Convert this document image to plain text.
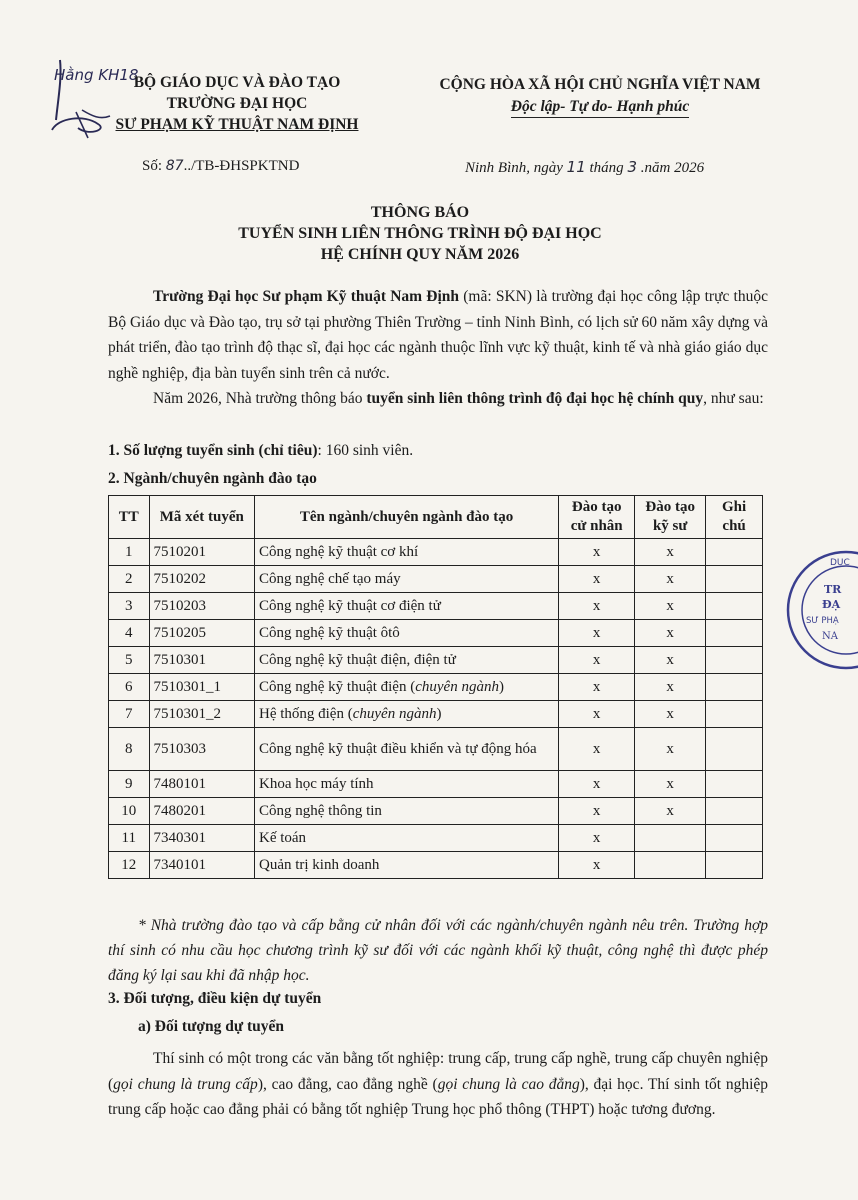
Hằng KH18
BỘ GIÁO DỤC VÀ ĐÀO TẠO
TRƯỜNG ĐẠI HỌC
SƯ PHẠM KỸ THUẬT NAM ĐỊNH
CỘNG HÒA XÃ HỘI CHỦ NGHĨA VIỆT NAM
Độc lập- Tự do- Hạnh phúc
Số: 87../TB-ĐHSPKTND	Ninh Bình, ngày 11 tháng 3 .năm 2026
THÔNG BÁO
TUYỂN SINH LIÊN THÔNG TRÌNH ĐỘ ĐẠI HỌC
HỆ CHÍNH QUY NĂM 2026

Trường Đại học Sư phạm Kỹ thuật Nam Định (mã: SKN) là trường đại học công lập trực thuộc Bộ Giáo dục và Đào tạo, trụ sở tại phường Thiên Trường – tỉnh Ninh Bình, có lịch sử 60 năm xây dựng và phát triển, đào tạo trình độ thạc sĩ, đại học các ngành thuộc lĩnh vực kỹ thuật, kinh tế và nhà giáo giáo dục nghề nghiệp, địa bàn tuyển sinh trên cả nước.

Năm 2026, Nhà trường thông báo tuyển sinh liên thông trình độ đại học hệ chính quy, như sau:

1. Số lượng tuyển sinh (chỉ tiêu): 160 sinh viên.
2. Ngành/chuyên ngành đào tạo
TT	Mã xét tuyển	Tên ngành/chuyên ngành đào tạo	Đào tạo cử nhân	Đào tạo kỹ sư	Ghi chú
1	7510201	Công nghệ kỹ thuật cơ khí	x	x	
2	7510202	Công nghệ chế tạo máy	x	x	
3	7510203	Công nghệ kỹ thuật cơ điện tử	x	x	
4	7510205	Công nghệ kỹ thuật ôtô	x	x	
5	7510301	Công nghệ kỹ thuật điện, điện tử	x	x	
6	7510301_1	Công nghệ kỹ thuật điện (chuyên ngành)	x	x	
7	7510301_2	Hệ thống điện (chuyên ngành)	x	x	
8	7510303	Công nghệ kỹ thuật điều khiển và tự động hóa	x	x	
9	7480101	Khoa học máy tính	x	x	
10	7480201	Công nghệ thông tin	x	x	
11	7340301	Kế toán	x		
12	7340101	Quản trị kinh doanh	x		

* Nhà trường đào tạo và cấp bằng cử nhân đối với các ngành/chuyên ngành nêu trên. Trường hợp thí sinh có nhu cầu học chương trình kỹ sư đối với các ngành khối kỹ thuật, công nghệ thì được phép đăng ký lại sau khi đã nhập học.

3. Đối tượng, điều kiện dự tuyển
a) Đối tượng dự tuyển

Thí sinh có một trong các văn bằng tốt nghiệp: trung cấp, trung cấp nghề, trung cấp chuyên nghiệp (gọi chung là trung cấp), cao đẳng, cao đẳng nghề (gọi chung là cao đẳng), đại học. Thí sinh tốt nghiệp trung cấp hoặc cao đẳng phải có bằng tốt nghiệp Trung học phổ thông (THPT) hoặc tương đương.

DỤC
TR
ĐẠ
SƯ PHẠ
NA
